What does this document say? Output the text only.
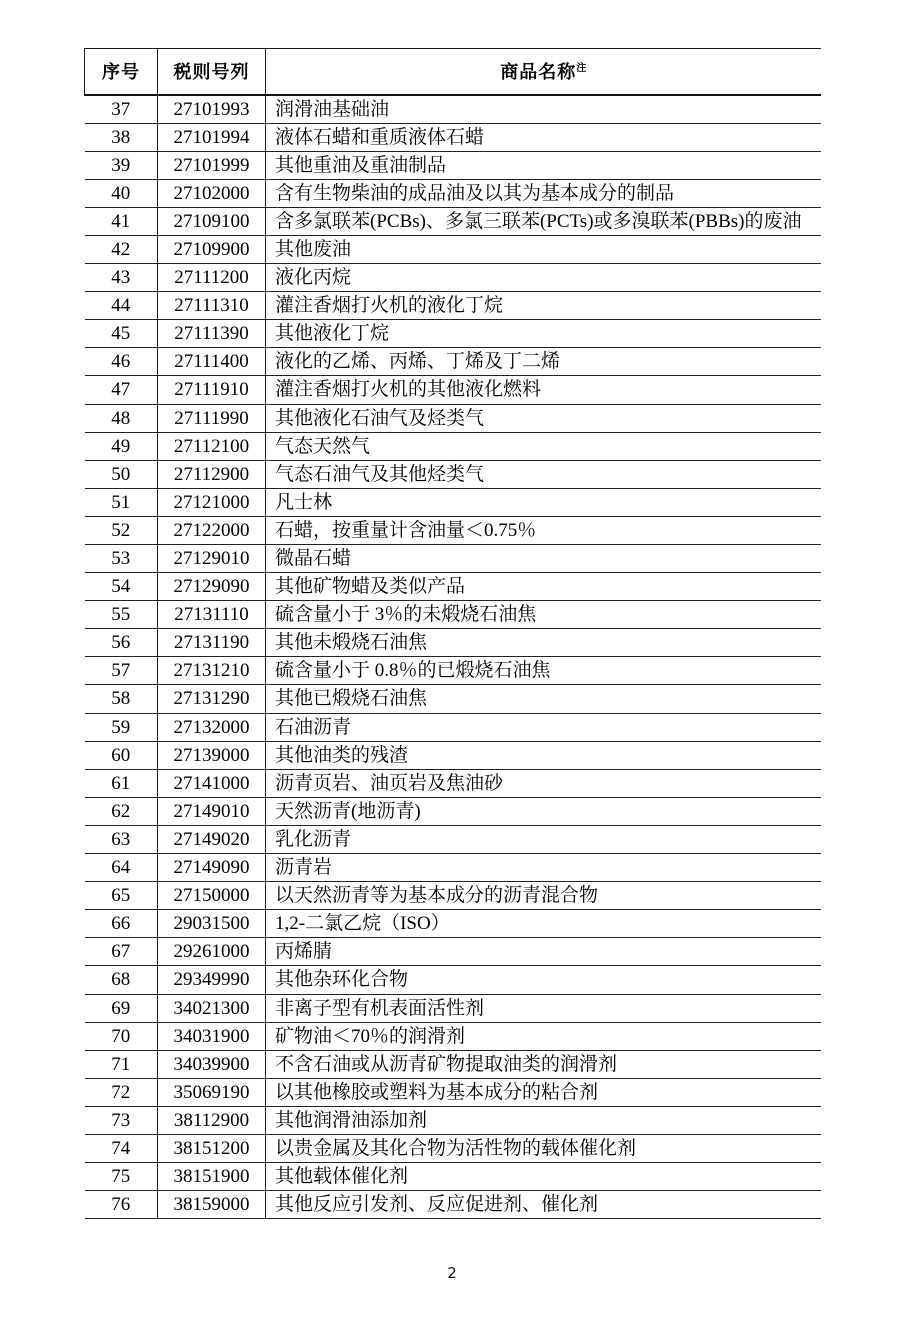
序号	税则号列	商品名称$^注$
37	27101993	润滑油基础油
38	27101994	液体石蜡和重质液体石蜡
39	27101999	其他重油及重油制品
40	27102000	含有生物柴油的成品油及以其为基本成分的制品
41	27109100	含多氯联苯(PCBs)、多氯三联苯(PCTs)或多溴联苯(PBBs)的废油
42	27109900	其他废油
43	27111200	液化丙烷
44	27111310	灌注香烟打火机的液化丁烷
45	27111390	其他液化丁烷
46	27111400	液化的乙烯、丙烯、丁烯及丁二烯
47	27111910	灌注香烟打火机的其他液化燃料
48	27111990	其他液化石油气及烃类气
49	27112100	气态天然气
50	27112900	气态石油气及其他烃类气
51	27121000	凡士林
52	27122000	石蜡，按重量计含油量＜0.75％
53	27129010	微晶石蜡
54	27129090	其他矿物蜡及类似产品
55	27131110	硫含量小于 3％的未煅烧石油焦
56	27131190	其他未煅烧石油焦
57	27131210	硫含量小于 0.8％的已煅烧石油焦
58	27131290	其他已煅烧石油焦
59	27132000	石油沥青
60	27139000	其他油类的残渣
61	27141000	沥青页岩、油页岩及焦油砂
62	27149010	天然沥青(地沥青)
63	27149020	乳化沥青
64	27149090	沥青岩
65	27150000	以天然沥青等为基本成分的沥青混合物
66	29031500	1,2-二氯乙烷（ISO）
67	29261000	丙烯腈
68	29349990	其他杂环化合物
69	34021300	非离子型有机表面活性剂
70	34031900	矿物油＜70％的润滑剂
71	34039900	不含石油或从沥青矿物提取油类的润滑剂
72	35069190	以其他橡胶或塑料为基本成分的粘合剂
73	38112900	其他润滑油添加剂
74	38151200	以贵金属及其化合物为活性物的载体催化剂
75	38151900	其他载体催化剂
76	38159000	其他反应引发剂、反应促进剂、催化剂
2
